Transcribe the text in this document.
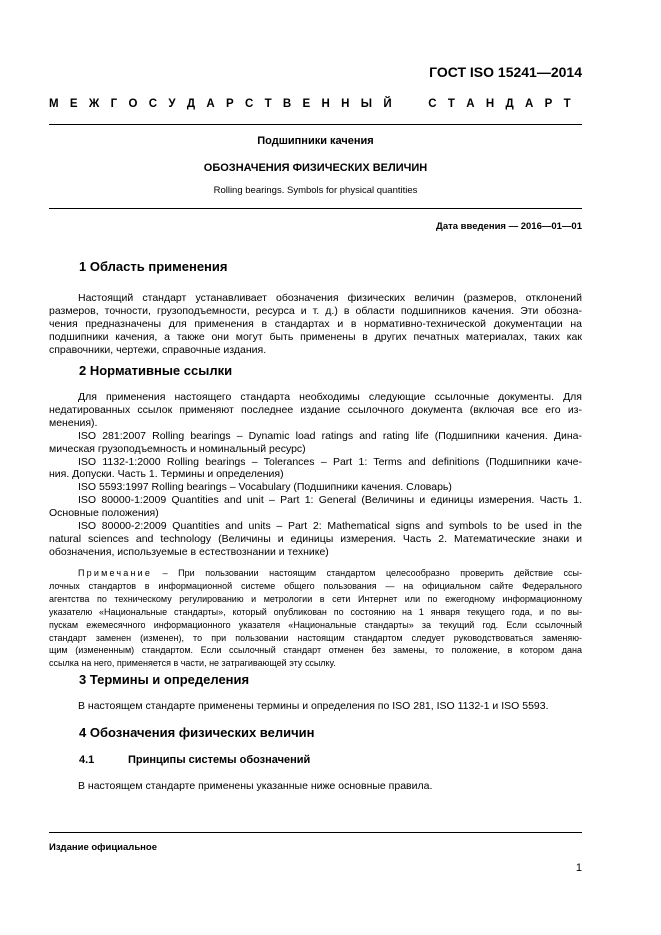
ГОСТ ISO 15241—2014
М Е Ж Г О С У Д А Р С Т В Е Н Н Ы Й	С Т А Н Д А Р Т
Подшипники качения
ОБОЗНАЧЕНИЯ ФИЗИЧЕСКИХ ВЕЛИЧИН
Rolling bearings. Symbols for physical quantities
Дата введения — 2016—01—01
1 Область применения
Настоящий стандарт устанавливает обозначения физических величин (размеров, отклонений
размеров, точности, грузоподъемности, ресурса и т. д.) в области подшипников качения. Эти обозна-
чения предназначены для применения в стандартах и в нормативно-технической документации на
подшипники качения, а также они могут быть применены в других печатных материалах, таких как
справочники, чертежи, справочные издания.
2 Нормативные ссылки
Для применения настоящего стандарта необходимы следующие ссылочные документы. Для
недатированных ссылок применяют последнее издание ссылочного документа (включая все его из-
менения).
ISO 281:2007 Rolling bearings – Dynamic load ratings and rating life (Подшипники качения. Дина-
мическая грузоподъемность и номинальный ресурс)
ISO 1132-1:2000 Rolling bearings – Tolerances – Part 1: Terms and definitions (Подшипники каче-
ния. Допуски. Часть 1. Термины и определения)
ISO 5593:1997 Rolling bearings – Vocabulary (Подшипники качения. Словарь)
ISO 80000-1:2009 Quantities and unit – Part 1: General (Величины и единицы измерения. Часть 1.
Основные положения)
ISO 80000-2:2009 Quantities and units – Part 2: Mathematical signs and symbols to be used in the
natural sciences and technology (Величины и единицы измерения. Часть 2. Математические знаки и
обозначения, используемые в естествознании и технике)
Примечание – При пользовании настоящим стандартом целесообразно проверить действие ссы-
лочных стандартов в информационной системе общего пользования — на официальном сайте Федерального
агентства по техническому регулированию и метрологии в сети Интернет или по ежегодному информационному
указателю «Национальные стандарты», который опубликован по состоянию на 1 января текущего года, и по вы-
пускам ежемесячного информационного указателя «Национальные стандарты» за текущий год. Если ссылочный
стандарт заменен (изменен), то при пользовании настоящим стандартом следует руководствоваться заменяю-
щим (измененным) стандартом. Если ссылочный стандарт отменен без замены, то положение, в котором дана
ссылка на него, применяется в части, не затрагивающей эту ссылку.
3 Термины и определения
В настоящем стандарте применены термины и определения по ISO 281, ISO 1132-1 и ISO 5593.
4 Обозначения физических величин
4.1	Принципы системы обозначений
В настоящем стандарте применены указанные ниже основные правила.
Издание официальное
1
